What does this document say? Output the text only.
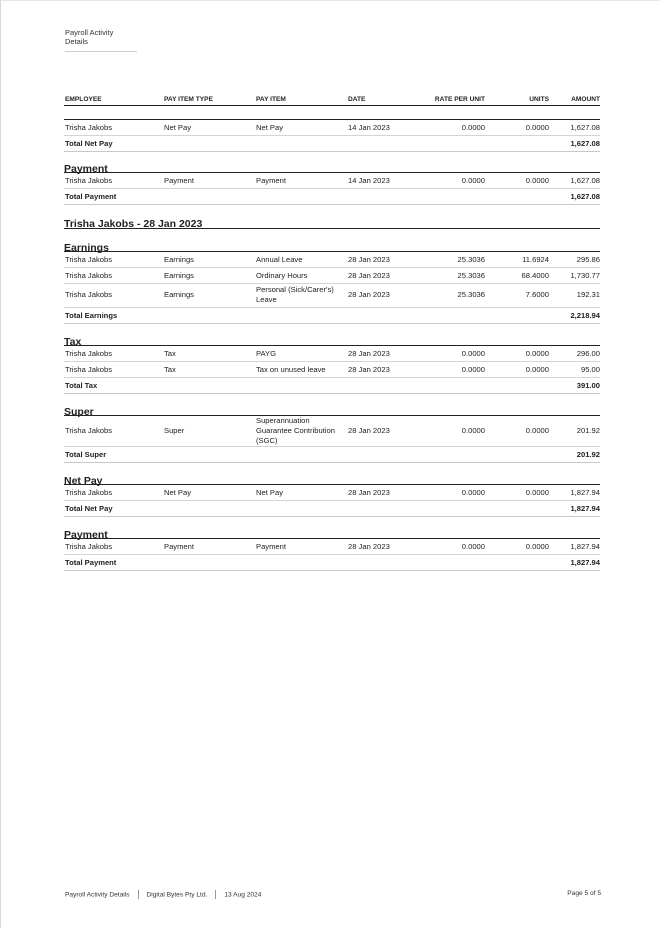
Payroll Activity Details
EMPLOYEE	PAY ITEM TYPE	PAY ITEM	DATE	RATE PER UNIT	UNITS	AMOUNT
Trisha Jakobs	Net Pay	Net Pay	14 Jan 2023	0.0000	0.0000	1,627.08
Total Net Pay						1,627.08
Payment
Trisha Jakobs	Payment	Payment	14 Jan 2023	0.0000	0.0000	1,627.08
Total Payment						1,627.08
Trisha Jakobs - 28 Jan 2023
Earnings
Trisha Jakobs	Earnings	Annual Leave	28 Jan 2023	25.3036	11.6924	295.86
Trisha Jakobs	Earnings	Ordinary Hours	28 Jan 2023	25.3036	68.4000	1,730.77
Trisha Jakobs	Earnings	Personal (Sick/Carer's) Leave	28 Jan 2023	25.3036	7.6000	192.31
Total Earnings						2,218.94
Tax
Trisha Jakobs	Tax	PAYG	28 Jan 2023	0.0000	0.0000	296.00
Trisha Jakobs	Tax	Tax on unused leave	28 Jan 2023	0.0000	0.0000	95.00
Total Tax						391.00
Super
Trisha Jakobs	Super	Superannuation Guarantee Contribution (SGC)	28 Jan 2023	0.0000	0.0000	201.92
Total Super						201.92
Net Pay
Trisha Jakobs	Net Pay	Net Pay	28 Jan 2023	0.0000	0.0000	1,827.94
Total Net Pay						1,827.94
Payment
Trisha Jakobs	Payment	Payment	28 Jan 2023	0.0000	0.0000	1,827.94
Total Payment						1,827.94
Payroll Activity Details	Digital Bytes Pty Ltd.	13 Aug 2024	Page 5 of 5
